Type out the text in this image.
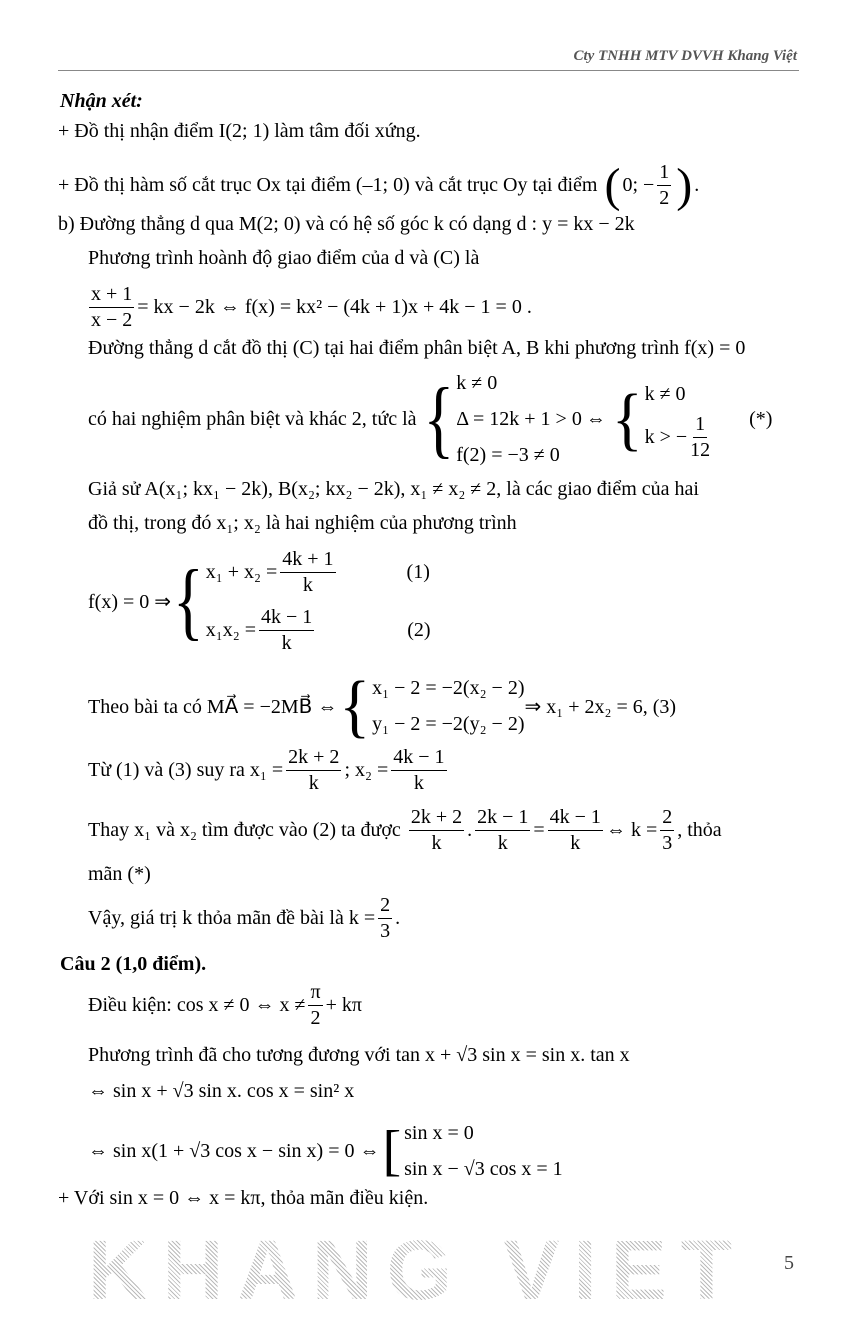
Cty TNHH MTV DVVH Khang Việt
Nhận xét:
+ Đồ thị nhận điểm I(2; 1) làm tâm đối xứng.
+ Đồ thị hàm số cắt trục Ox tại điểm (–1; 0) và cắt trục Oy tại điểm
( 0; − $\frac{1}{2}$ ) .
b) Đường thẳng d qua M(2; 0) và có hệ số góc k có dạng d : y = kx − 2k
Phương trình hoành độ giao điểm của d và (C) là
$\frac{x + 1}{x - 2}$ = kx − 2k ⇔ f(x) = kx² − (4k + 1)x + 4k − 1 = 0 .
Đường thẳng d cắt đồ thị (C) tại hai điểm phân biệt A, B khi phương trình f(x) = 0
có hai nghiệm phân biệt và khác 2, tức là
{ k ≠ 0
Δ = 12k + 1 > 0
f(2) = −3 ≠ 0
⇔ { k ≠ 0
k > − $\frac{1}{12}$ (*)
Giả sử A(x₁; kx₁ − 2k), B(x₂; kx₂ − 2k), x₁ ≠ x₂ ≠ 2, là các giao điểm của hai
đồ thị, trong đó x₁; x₂ là hai nghiệm của phương trình
f(x) = 0 ⇒ { $x_1 + x_2 = \frac{4k + 1}{k}$	(1)
$x_1x_2 = \frac{4k - 1}{k}$	(2)
Theo bài ta có MA⃗ = −2MB⃗ ⇔ { x₁ − 2 = −2(x₂ − 2)
y₁ − 2 = −2(y₂ − 2)
⇒ x₁ + 2x₂ = 6, (3)
Từ (1) và (3) suy ra $x_1 = \frac{2k + 2}{k}$ ; $x_2 = \frac{4k - 1}{k}$
Thay x₁ và x₂ tìm được vào (2) ta được
$\frac{2k + 2}{k}$ . $\frac{2k - 1}{k} = \frac{4k - 1}{k}$ ⇔ $k = \frac{2}{3}$ , thỏa
mãn (*)
Vậy, giá trị k thỏa mãn đề bài là $k = \frac{2}{3}$ .
Câu 2 (1,0 điểm).
Điều kiện: cos x ≠ 0 ⇔ $x \ne \frac{\pi}{2} + k\pi$
Phương trình đã cho tương đương với tan x + √3 sin x = sin x. tan x
⇔ sin x + √3 sin x. cos x = sin² x
⇔ sin x(1 + √3 cos x − sin x) = 0 ⇔ [ sin x = 0
sin x − √3 cos x = 1
+ Với sin x = 0 ⇔ x = kπ, thỏa mãn điều kiện.
KHANG VIET 5
